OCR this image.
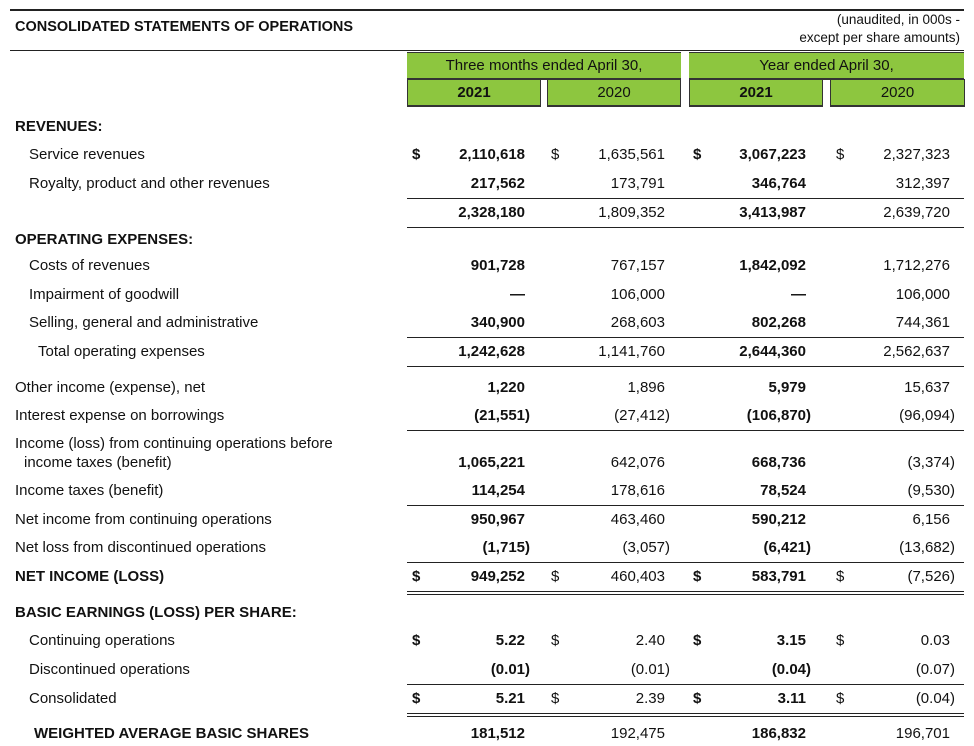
CONSOLIDATED STATEMENTS OF OPERATIONS	(unaudited, in 000s -
except per share amounts)
Three months ended April 30,	Year ended April 30,
2021	2020	2021	2020
REVENUES:
Service revenues	$	2,110,618 $	1,635,561 $	3,067,223 $	2,327,323
Royalty, product and other revenues	217,562	173,791	346,764	312,397
2,328,180	1,809,352	3,413,987	2,639,720
OPERATING EXPENSES:
Costs of revenues	901,728	767,157	1,842,092	1,712,276
Impairment of goodwill	—	106,000	—	106,000
Selling, general and administrative	340,900	268,603	802,268	744,361
Total operating expenses	1,242,628	1,141,760	2,644,360	2,562,637
Other income (expense), net	1,220	1,896	5,979	15,637
Interest expense on borrowings	(21,551)	(27,412)	(106,870)	(96,094)
Income (loss) from continuing operations before
income taxes (benefit)	1,065,221	642,076	668,736	(3,374)
Income taxes (benefit)	114,254	178,616	78,524	(9,530)
Net income from continuing operations	950,967	463,460	590,212	6,156
Net loss from discontinued operations	(1,715)	(3,057)	(6,421)	(13,682)
NET INCOME (LOSS)	$	949,252 $	460,403 $	583,791 $	(7,526)
BASIC EARNINGS (LOSS) PER SHARE:
Continuing operations	$	5.22 $	2.40 $	3.15 $	0.03
Discontinued operations	(0.01)	(0.01)	(0.04)	(0.07)
Consolidated	$	5.21 $	2.39 $	3.11 $	(0.04)
WEIGHTED AVERAGE BASIC SHARES	181,512	192,475	186,832	196,701
